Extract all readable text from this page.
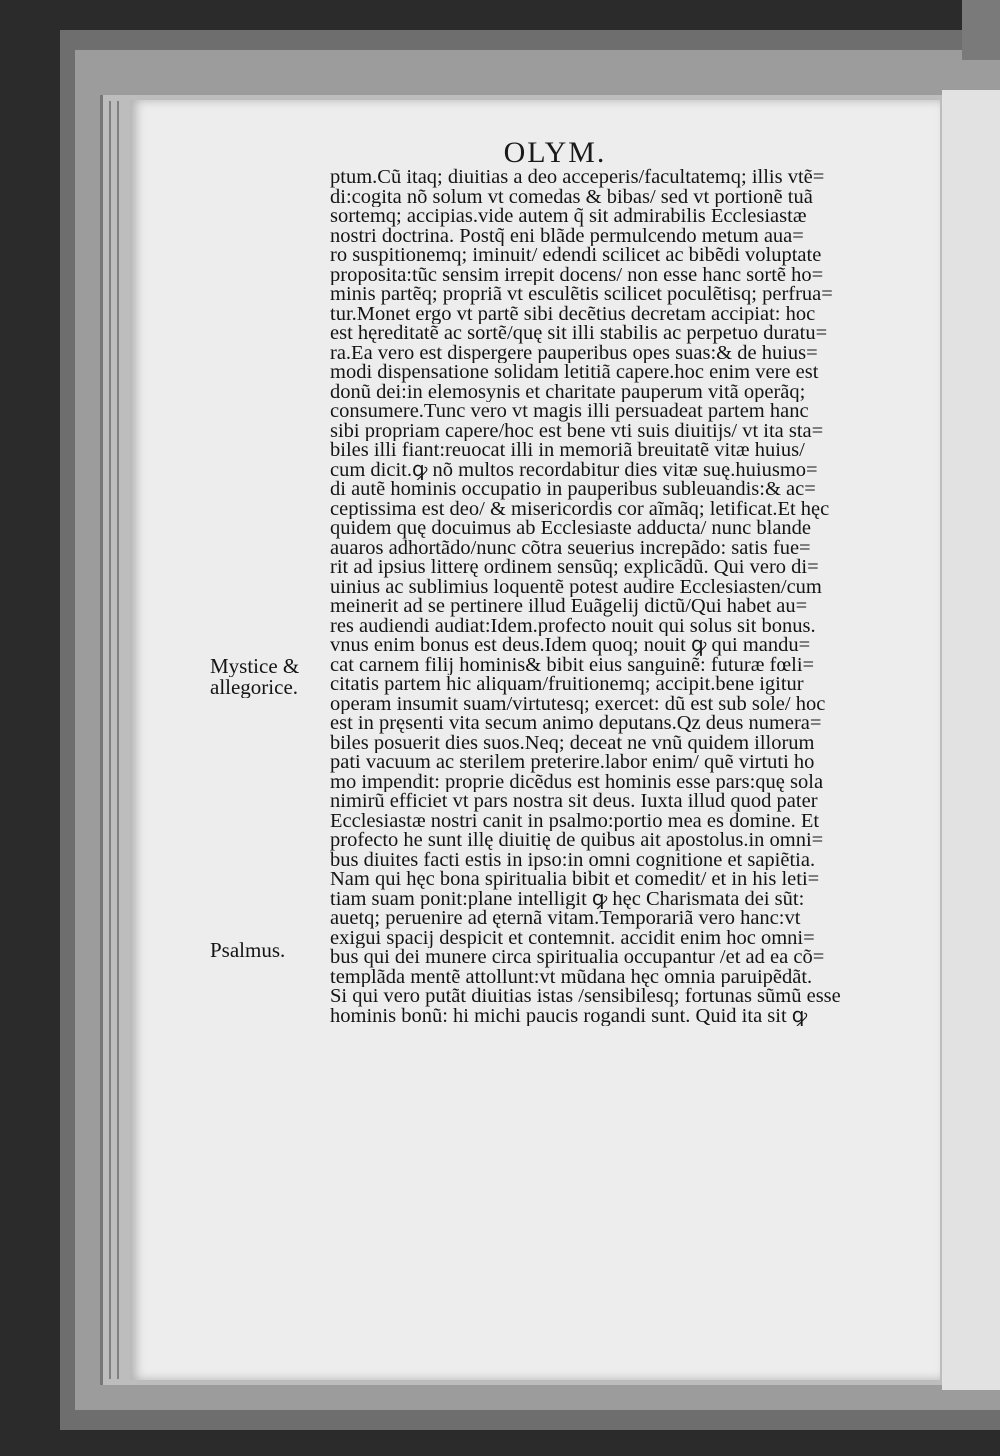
OLYM.
ptum.Cũ itaq; diuitias a deo acceperis/facultatemq; illis vtẽ=
di:cogita nõ solum vt comedas & bibas/ sed vt portionẽ tuã
sortemq; accipias.vide autem q̃ sit admirabilis Ecclesiastæ
nostri doctrina. Postq̃ eni blãde permulcendo metum aua=
ro suspitionemq; iminuit/ edendi scilicet ac bibẽdi voluptate
proposita:tũc sensim irrepit docens/ non esse hanc sortẽ ho=
minis partẽq; propriã vt esculẽtis scilicet poculẽtisq; perfrua=
tur.Monet ergo vt partẽ sibi decẽtius decretam accipiat: hoc
est hęreditatẽ ac sortẽ/quę sit illi stabilis ac perpetuo duratu=
ra.Ea vero est dispergere pauperibus opes suas:& de huius=
modi dispensatione solidam letitiã capere.hoc enim vere est
donũ dei:in elemosynis et charitate pauperum vitã operãq;
consumere.Tunc vero vt magis illi persuadeat partem hanc
sibi propriam capere/hoc est bene vti suis diuitijs/ vt ita sta=
biles illi fiant:reuocat illi in memoriã breuitatẽ vitæ huius/
cum dicit.ꝙ nõ multos recordabitur dies vitæ suę.huiusmo=
di autẽ hominis occupatio in pauperibus subleuandis:& ac=
ceptissima est deo/ & misericordis cor aĩmãq; letificat.Et hęc
quidem quę docuimus ab Ecclesiaste adducta/ nunc blande
auaros adhortãdo/nunc cõtra seuerius increpãdo: satis fue=
rit ad ipsius litterę ordinem sensũq; explicãdũ. Qui vero di=
uinius ac sublimius loquentẽ potest audire Ecclesiasten/cum
meinerit ad se pertinere illud Euãgelij dictũ/Qui habet au=
res audiendi audiat:Idem.profecto nouit qui solus sit bonus.
vnus enim bonus est deus.Idem quoq; nouit ꝙ qui mandu=
cat carnem filij hominis& bibit eius sanguinẽ: futuræ fœli=
citatis partem hic aliquam/fruitionemq; accipit.bene igitur
operam insumit suam/virtutesq; exercet: dũ est sub sole/ hoc
est in pręsenti vita secum animo deputans.Qz deus numera=
biles posuerit dies suos.Neq; deceat ne vnũ quidem illorum
pati vacuum ac sterilem preterire.labor enim/ quẽ virtuti ho
mo impendit: proprie dicẽdus est hominis esse pars:quę sola
nimirũ efficiet vt pars nostra sit deus. Iuxta illud quod pater
Ecclesiastæ nostri canit in psalmo:portio mea es domine. Et
profecto he sunt illę diuitię de quibus ait apostolus.in omni=
bus diuites facti estis in ipso:in omni cognitione et sapiẽtia.
Nam qui hęc bona spiritualia bibit et comedit/ et in his leti=
tiam suam ponit:plane intelligit ꝙ hęc Charismata dei sũt:
auetq; peruenire ad ęternã vitam.Temporariã vero hanc:vt
exigui spacij despicit et contemnit. accidit enim hoc omni=
bus qui dei munere circa spiritualia occupantur /et ad ea cõ=
templãda mentẽ attollunt:vt mũdana hęc omnia paruipẽdãt.
Si qui vero putãt diuitias istas /sensibilesq; fortunas sũmũ esse
hominis bonũ: hi michi paucis rogandi sunt. Quid ita sit ꝙ
Mystice &
allegorice.
Psalmus.
